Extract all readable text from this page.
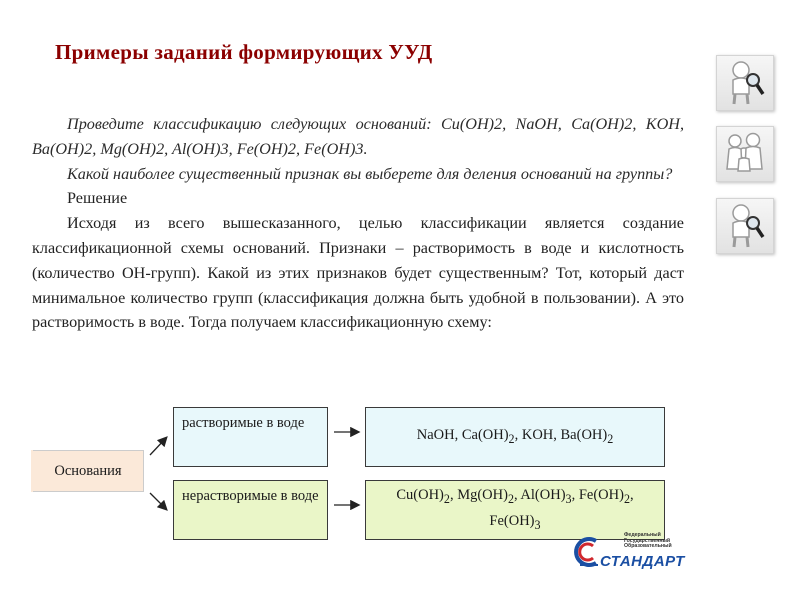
Примеры заданий формирующих УУД

Проведите классификацию следующих оснований: Cu(OH)2, NaOH, Ca(OH)2, KOH, Ba(OH)2, Mg(OH)2, Al(OH)3, Fe(OH)2, Fe(OH)3.

Какой наиболее существенный признак вы выберете для деления оснований на группы?

Решение

Исходя из всего вышесказанного, целью классификации является создание классификационной схемы оснований. Признаки – растворимость в воде и кислотность (количество OH-групп). Какой из этих признаков будет существенным? Тот, который даст минимальное количество групп (классификация должна быть удобной в пользовании). А это растворимость в воде. Тогда получаем классификационную схему:

Основания
растворимые в воде
нерастворимые в воде
NaOH, $Ca(OH)_2$, KOH, $Ba(OH)_2$
$Cu(OH)_2$, $Mg(OH)_2$, $Al(OH)_3$, $Fe(OH)_2$,
$Fe(OH)_3$
Федеральный Государственный Образовательный
СТАНДАРТ
